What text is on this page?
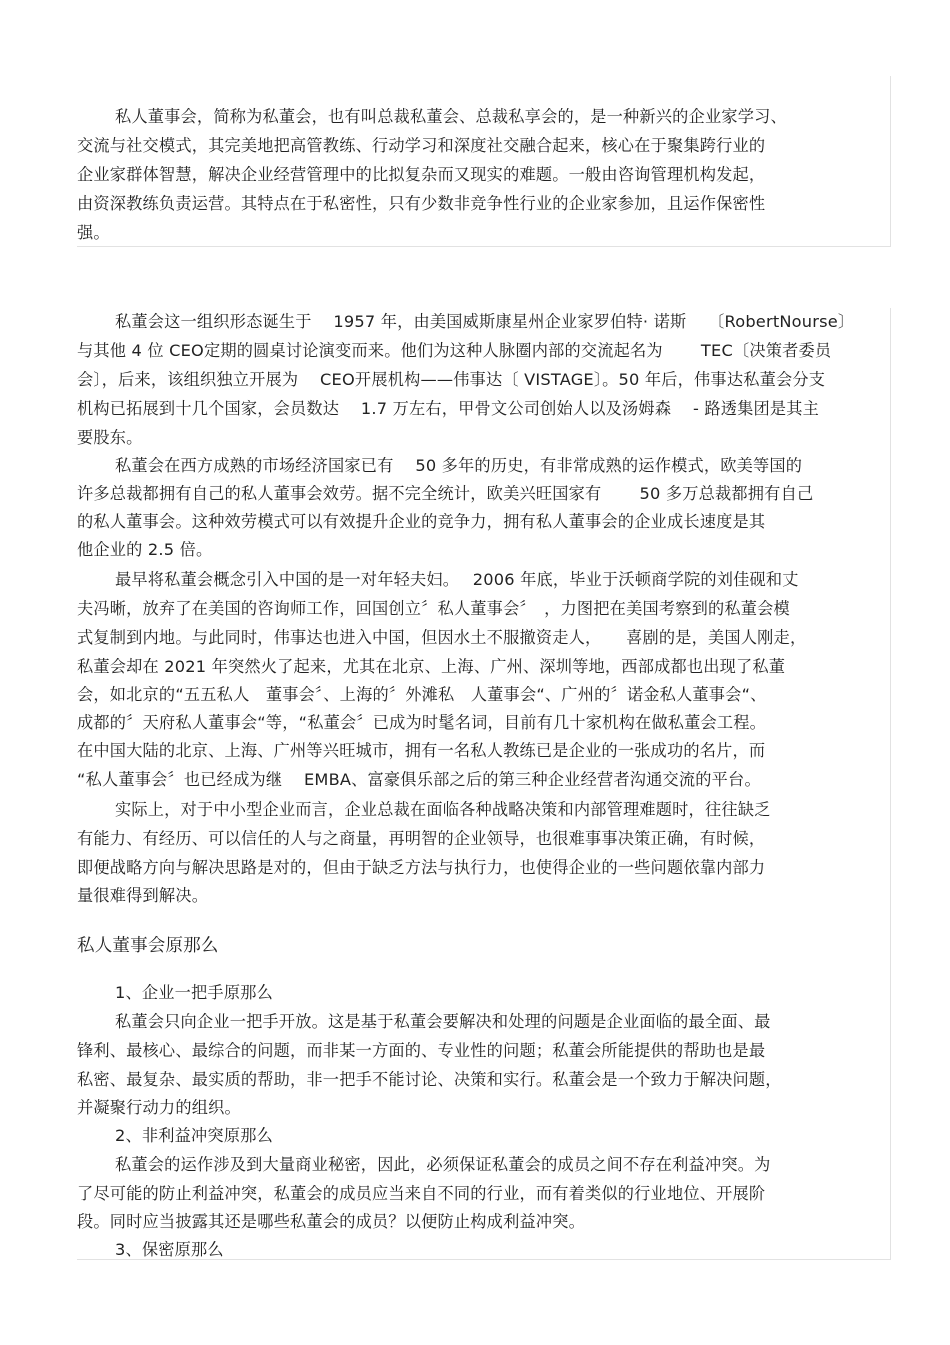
私人董事会，简称为私董会，也有叫总裁私董会、总裁私享会的，是一种新兴的企业家学习、
交流与社交模式，其完美地把高管教练、行动学习和深度社交融合起来，核心在于聚集跨行业的
企业家群体智慧，解决企业经营管理中的比拟复杂而又现实的难题。一般由咨询管理机构发起，
由资深教练负责运营。其特点在于私密性，只有少数非竞争性行业的企业家参加，且运作保密性
强。
私董会这一组织形态诞生于　 1957 年，由美国威斯康星州企业家罗伯特· 诺斯　 〔RobertNourse〕
与其他 4 位 CEO定期的圆桌讨论演变而来。他们为这种人脉圈内部的交流起名为　　 TEC〔决策者委员
会〕，后来，该组织独立开展为　 CEO开展机构——伟事达〔 VISTAGE〕。50 年后，伟事达私董会分支
机构已拓展到十几个国家，会员数达　 1.7 万左右，甲骨文公司创始人以及汤姆森　 - 路透集团是其主
要股东。
私董会在西方成熟的市场经济国家已有　 50 多年的历史，有非常成熟的运作模式，欧美等国的
许多总裁都拥有自己的私人董事会效劳。据不完全统计，欧美兴旺国家有　　 50 多万总裁都拥有自己
的私人董事会。这种效劳模式可以有效提升企业的竞争力，拥有私人董事会的企业成长速度是其
他企业的 2.5 倍。
最早将私董会概念引入中国的是一对年轻夫妇。　 2006 年底，毕业于沃顿商学院的刘佳砚和丈
夫冯晰，放弃了在美国的咨询师工作，回国创立〞私人董事会〞　，力图把在美国考察到的私董会模
式复制到内地。与此同时，伟事达也进入中国，但因水土不服撤资走人，　　喜剧的是，美国人刚走，
私董会却在 2021 年突然火了起来，尤其在北京、上海、广州、深圳等地，西部成都也出现了私董
会，如北京的“五五私人　董事会〞、上海的〞外滩私　人董事会“、广州的〞诺金私人董事会“、
成都的〞天府私人董事会“等，“私董会〞已成为时髦名词，目前有几十家机构在做私董会工程。
在中国大陆的北京、上海、广州等兴旺城市，拥有一名私人教练已是企业的一张成功的名片，而
“私人董事会〞也已经成为继　 EMBA、富豪俱乐部之后的第三种企业经营者沟通交流的平台。
实际上，对于中小型企业而言，企业总裁在面临各种战略决策和内部管理难题时，往往缺乏
有能力、有经历、可以信任的人与之商量，再明智的企业领导，也很难事事决策正确，有时候，
即便战略方向与解决思路是对的，但由于缺乏方法与执行力，也使得企业的一些问题依靠内部力
量很难得到解决。
私人董事会原那么
1、企业一把手原那么
私董会只向企业一把手开放。这是基于私董会要解决和处理的问题是企业面临的最全面、最
锋利、最核心、最综合的问题，而非某一方面的、专业性的问题；私董会所能提供的帮助也是最
私密、最复杂、最实质的帮助，非一把手不能讨论、决策和实行。私董会是一个致力于解决问题，
并凝聚行动力的组织。
2、非利益冲突原那么
私董会的运作涉及到大量商业秘密，因此，必须保证私董会的成员之间不存在利益冲突。为
了尽可能的防止利益冲突，私董会的成员应当来自不同的行业，而有着类似的行业地位、开展阶
段。同时应当披露其还是哪些私董会的成员？以便防止构成利益冲突。
3、保密原那么
